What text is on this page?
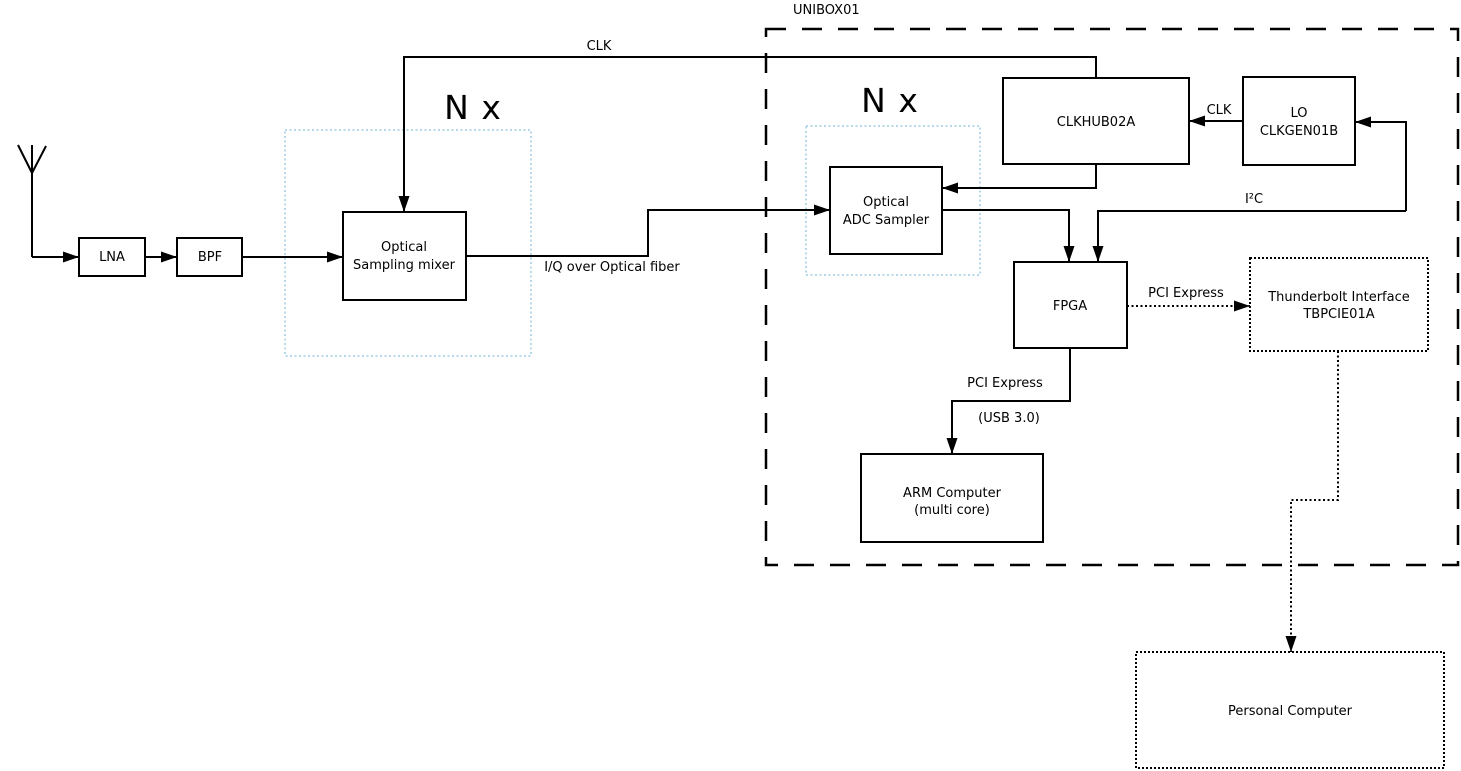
UNIBOX01
N x	N x
CLK
I/Q over Optical fiber
CLK
I²C
PCI Express
PCI Express
(USB 3.0)
LNA	BPF
Optical
Sampling mixer
Optical
ADC Sampler
CLKHUB02A
LO
CLKGEN01B
FPGA
ARM Computer
(multi core)
Thunderbolt Interface
TBPCIE01A
Personal Computer
